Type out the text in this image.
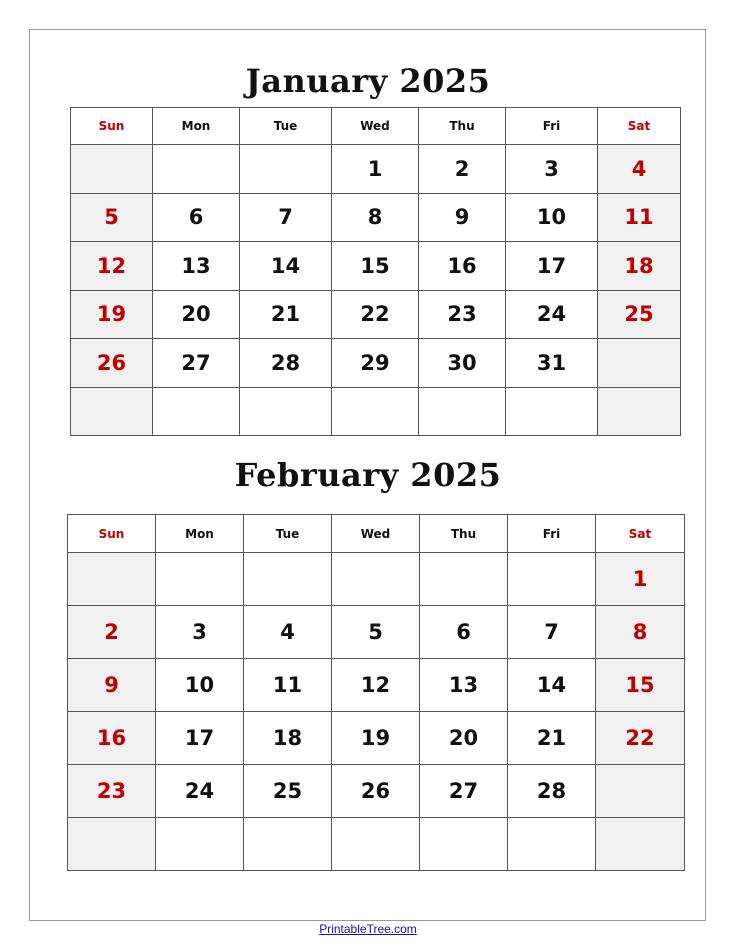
January 2025
Sun	Mon	Tue	Wed	Thu	Fri	Sat
			1	2	3	4
5	6	7	8	9	10	11
12	13	14	15	16	17	18
19	20	21	22	23	24	25
26	27	28	29	30	31	

February 2025
Sun	Mon	Tue	Wed	Thu	Fri	Sat
						1
2	3	4	5	6	7	8
9	10	11	12	13	14	15
16	17	18	19	20	21	22
23	24	25	26	27	28	

PrintableTree.com
